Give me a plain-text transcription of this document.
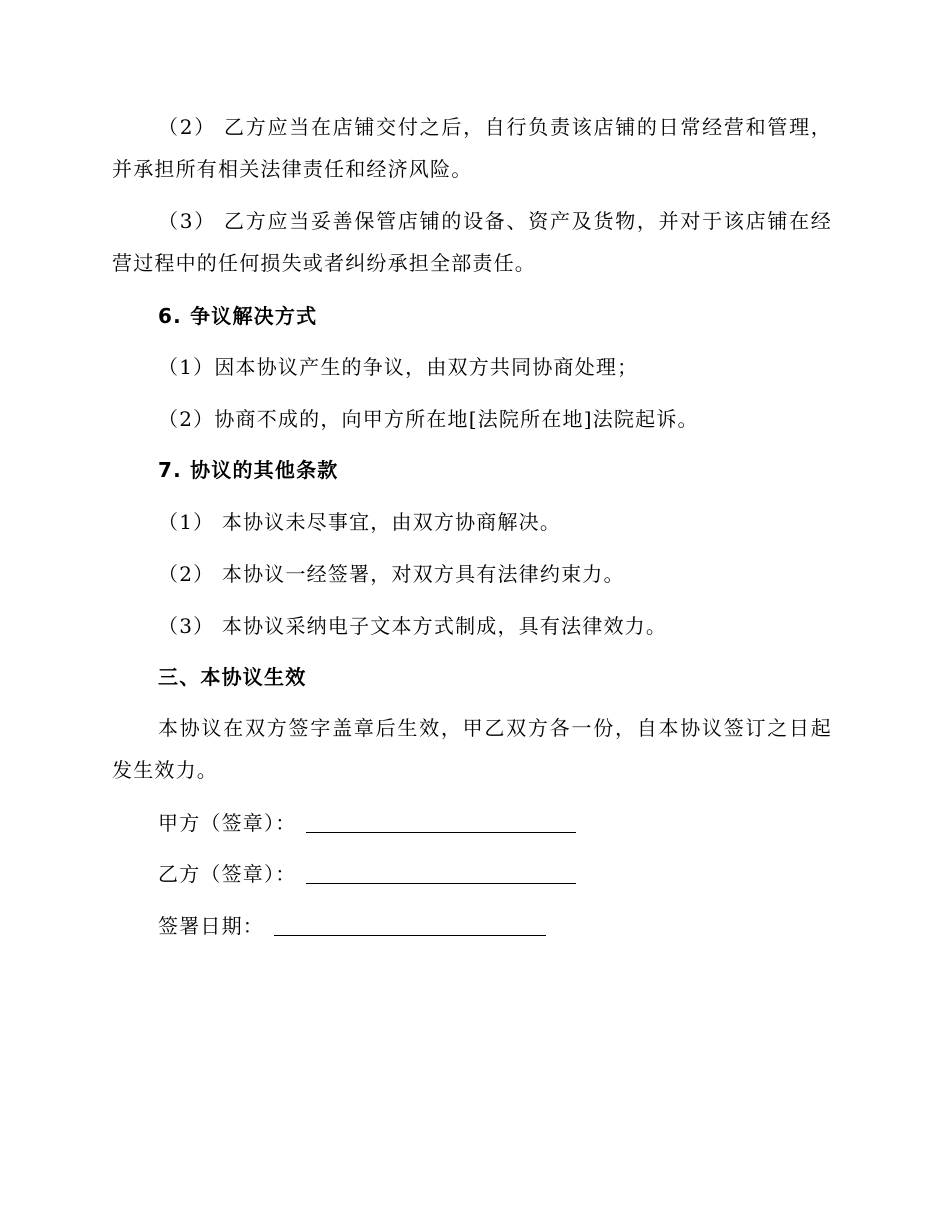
（2） 乙方应当在店铺交付之后，自行负责该店铺的日常经营和管理，并承担所有相关法律责任和经济风险。

（3） 乙方应当妥善保管店铺的设备、资产及货物，并对于该店铺在经营过程中的任何损失或者纠纷承担全部责任。

6. 争议解决方式

（1）因本协议产生的争议，由双方共同协商处理；

（2）协商不成的，向甲方所在地[法院所在地]法院起诉。

7. 协议的其他条款

（1） 本协议未尽事宜，由双方协商解决。

（2） 本协议一经签署，对双方具有法律约束力。

（3） 本协议采纳电子文本方式制成，具有法律效力。

三、本协议生效

本协议在双方签字盖章后生效，甲乙双方各一份，自本协议签订之日起发生效力。

甲方（签章）：
乙方（签章）：
签署日期：
